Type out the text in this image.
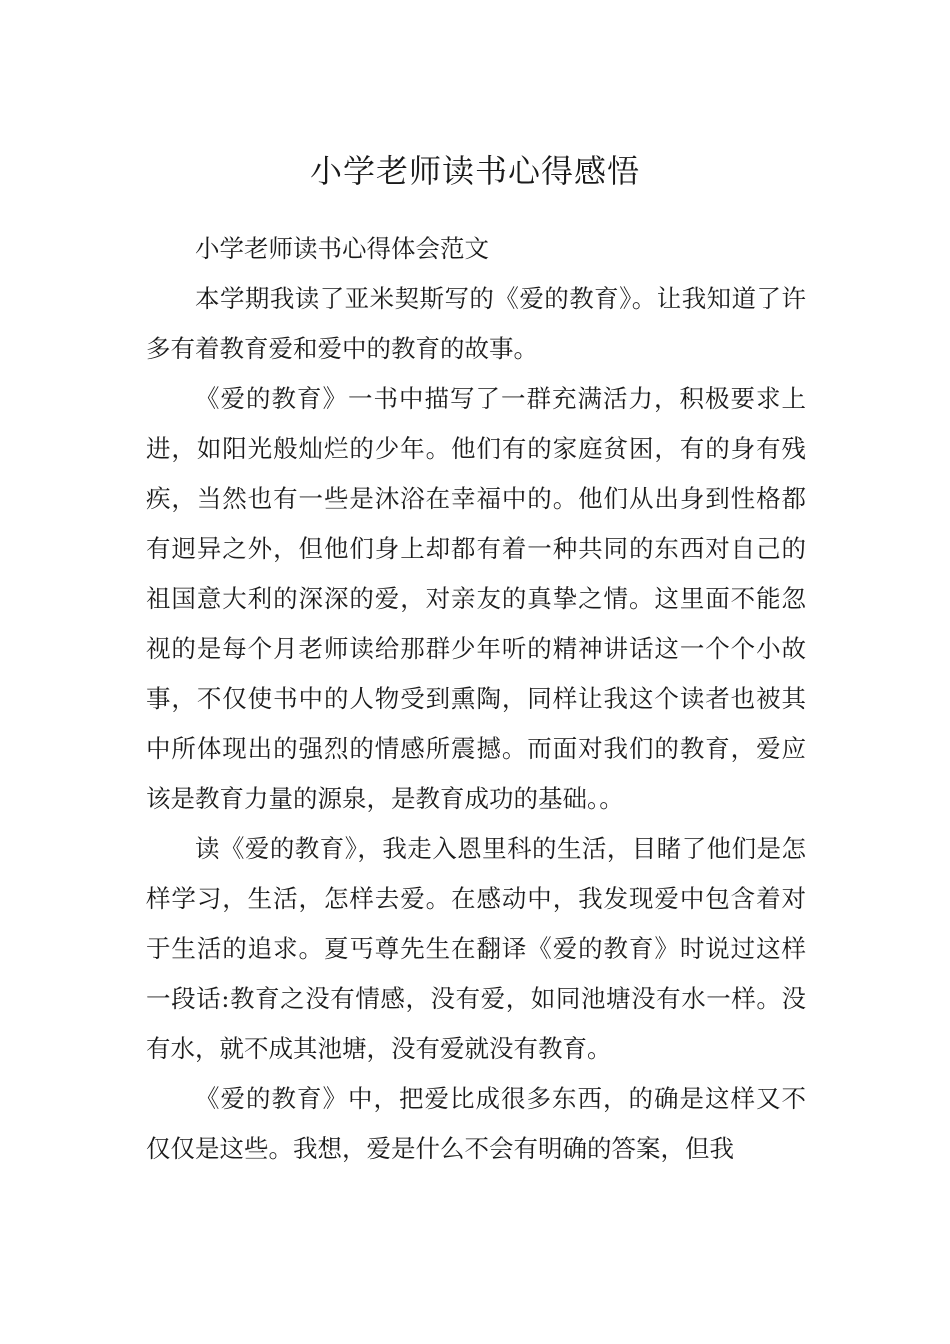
小学老师读书心得感悟

小学老师读书心得体会范文

本学期我读了亚米契斯写的《爱的教育》。让我知道了许多有着教育爱和爱中的教育的故事。

《爱的教育》一书中描写了一群充满活力，积极要求上进，如阳光般灿烂的少年。他们有的家庭贫困，有的身有残疾，当然也有一些是沐浴在幸福中的。他们从出身到性格都有迥异之外，但他们身上却都有着一种共同的东西对自己的祖国意大利的深深的爱，对亲友的真挚之情。这里面不能忽视的是每个月老师读给那群少年听的精神讲话这一个个小故事，不仅使书中的人物受到熏陶，同样让我这个读者也被其中所体现出的强烈的情感所震撼。而面对我们的教育，爱应该是教育力量的源泉，是教育成功的基础。。

读《爱的教育》，我走入恩里科的生活，目睹了他们是怎样学习，生活，怎样去爱。在感动中，我发现爱中包含着对于生活的追求。夏丐尊先生在翻译《爱的教育》时说过这样一段话:教育之没有情感，没有爱，如同池塘没有水一样。没有水，就不成其池塘，没有爱就没有教育。

《爱的教育》中，把爱比成很多东西，的确是这样又不仅仅是这些。我想，爱是什么不会有明确的答案，但我
